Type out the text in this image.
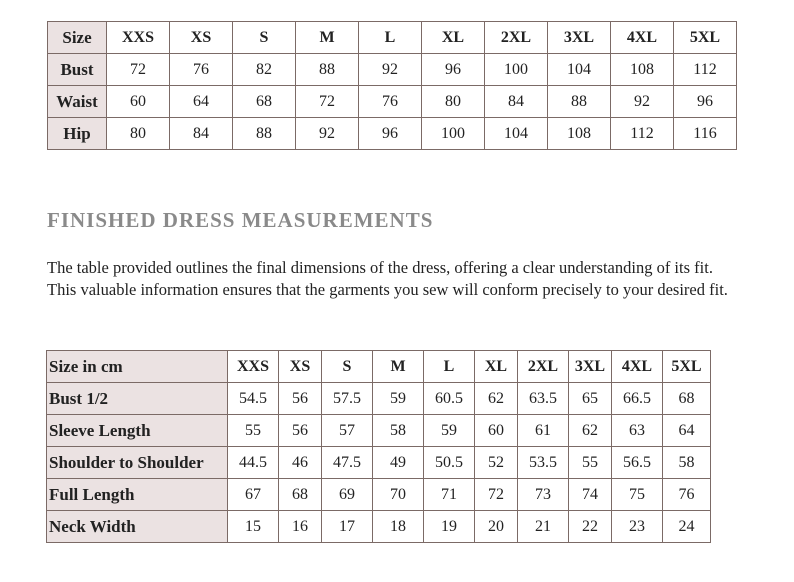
Size	XXS	XS	S	M	L	XL	2XL	3XL	4XL	5XL
Bust	72	76	82	88	92	96	100	104	108	112
Waist	60	64	68	72	76	80	84	88	92	96
Hip	80	84	88	92	96	100	104	108	112	116
FINISHED DRESS MEASUREMENTS

The table provided outlines the final dimensions of the dress, offering a clear understanding of its fit. This valuable information ensures that the garments you sew will conform precisely to your desired fit.

Size in cm	XXS	XS	S	M	L	XL	2XL	3XL	4XL	5XL
Bust 1/2	54.5	56	57.5	59	60.5	62	63.5	65	66.5	68
Sleeve Length	55	56	57	58	59	60	61	62	63	64
Shoulder to Shoulder	44.5	46	47.5	49	50.5	52	53.5	55	56.5	58
Full Length	67	68	69	70	71	72	73	74	75	76
Neck Width	15	16	17	18	19	20	21	22	23	24
